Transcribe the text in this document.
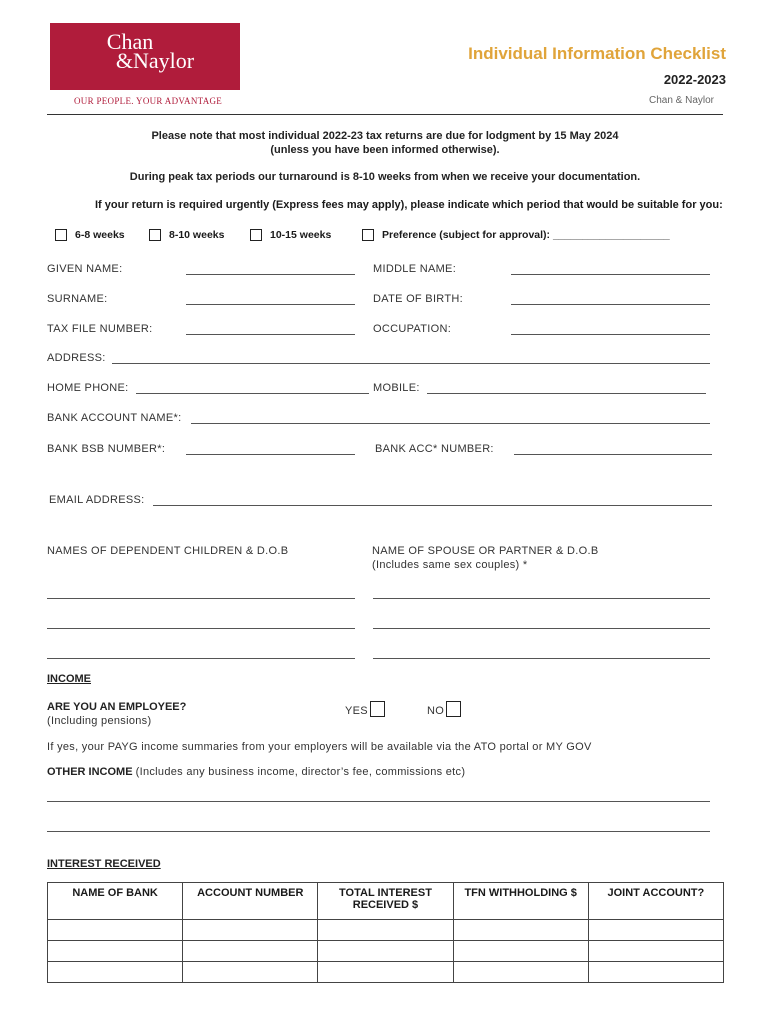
Chan
&Naylor
OUR PEOPLE. YOUR ADVANTAGE
Individual Information Checklist
2022-2023
Chan & Naylor
Please note that most individual 2022-23 tax returns are due for lodgment by 15 May 2024
(unless you have been informed otherwise).
During peak tax periods our turnaround is 8-10 weeks from when we receive your documentation.
If your return is required urgently (Express fees may apply), please indicate which period that would be suitable for you:
6-8 weeks	8-10 weeks	10-15 weeks	Preference (subject for approval): ____________________
GIVEN NAME:	MIDDLE NAME:
SURNAME:	DATE OF BIRTH:
TAX FILE NUMBER:	OCCUPATION:
ADDRESS:
HOME PHONE:	MOBILE:
BANK ACCOUNT NAME*:
BANK BSB NUMBER*:	BANK ACC* NUMBER:
EMAIL ADDRESS:
NAMES OF DEPENDENT CHILDREN & D.O.B	NAME OF SPOUSE OR PARTNER & D.O.B
(Includes same sex couples) *
INCOME
ARE YOU AN EMPLOYEE?
(Including pensions)
YES	NO
If yes, your PAYG income summaries from your employers will be available via the ATO portal or MY GOV
OTHER INCOME (Includes any business income, director’s fee, commissions etc)
INTEREST RECEIVED
NAME OF BANK	ACCOUNT NUMBER	TOTAL INTEREST RECEIVED $	TFN WITHHOLDING $	JOINT ACCOUNT?
